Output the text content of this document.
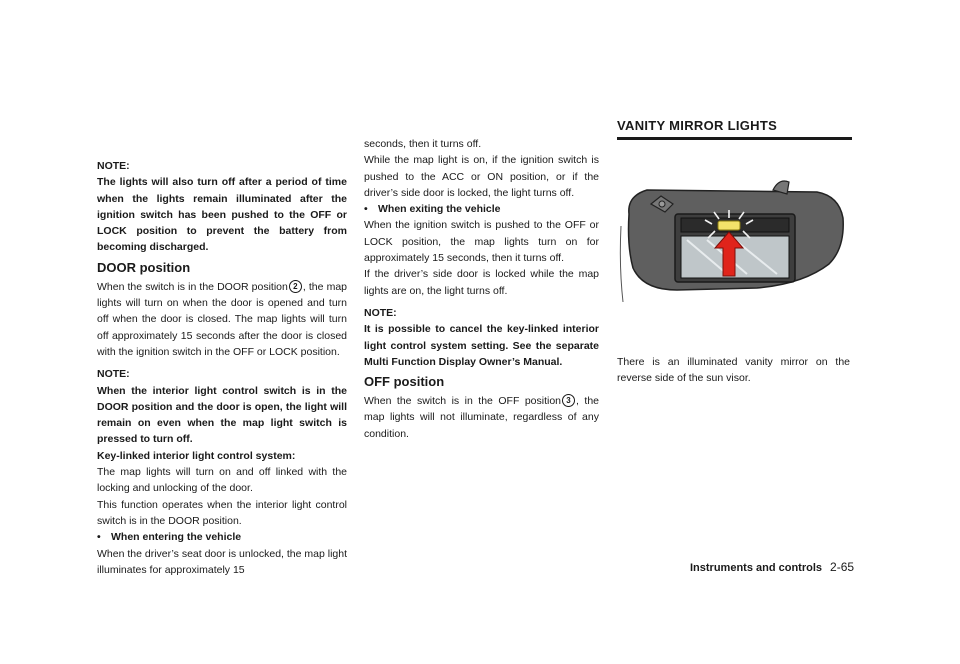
NOTE:

The lights will also turn off after a period of time when the lights remain illuminated after the ignition switch has been pushed to the OFF or LOCK position to prevent the battery from becoming discharged.

DOOR position

When the switch is in the DOOR position 2 , the map lights will turn on when the door is opened and turn off when the door is closed. The map lights will turn off approximately 15 seconds after the door is closed with the ignition switch in the OFF or LOCK position.

NOTE:

When the interior light control switch is in the DOOR position and the door is open, the light will remain on even when the map light switch is pressed to turn off.

Key-linked interior light control system:

The map lights will turn on and off linked with the locking and unlocking of the door.

This function operates when the interior light control switch is in the DOOR position.

• When entering the vehicle

When the driver’s seat door is unlocked, the map light illuminates for approximately 15

seconds, then it turns off.

While the map light is on, if the ignition switch is pushed to the ACC or ON position, or if the driver’s side door is locked, the light turns off.

• When exiting the vehicle

When the ignition switch is pushed to the OFF or LOCK position, the map lights turn on for approximately 15 seconds, then it turns off.

If the driver’s side door is locked while the map lights are on, the light turns off.

NOTE:

It is possible to cancel the key-linked interior light control system setting. See the separate Multi Function Display Owner’s Manual.

OFF position

When the switch is in the OFF position 3 , the map lights will not illuminate, regardless of any condition.

VANITY MIRROR LIGHTS

There is an illuminated vanity mirror on the reverse side of the sun visor.

Instruments and controls 2-65
